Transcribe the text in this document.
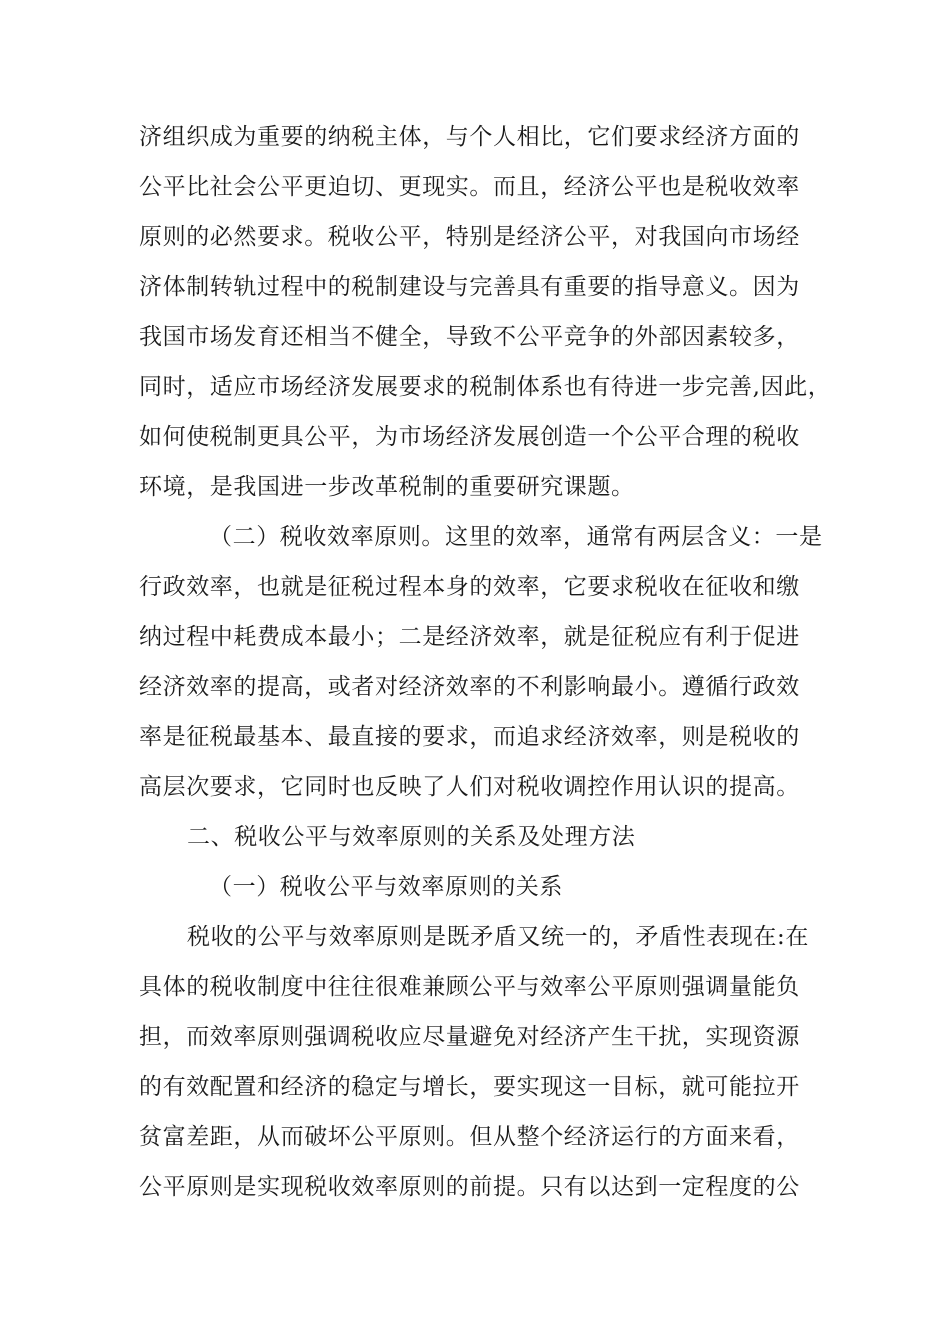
济组织成为重要的纳税主体，与个人相比，它们要求经济方面的
公平比社会公平更迫切、更现实。而且，经济公平也是税收效率
原则的必然要求。税收公平，特别是经济公平，对我国向市场经
济体制转轨过程中的税制建设与完善具有重要的指导意义。因为
我国市场发育还相当不健全，导致不公平竞争的外部因素较多，
同时，适应市场经济发展要求的税制体系也有待进一步完善,因此，
如何使税制更具公平，为市场经济发展创造一个公平合理的税收
环境，是我国进一步改革税制的重要研究课题。
（二）税收效率原则。这里的效率，通常有两层含义：一是
行政效率，也就是征税过程本身的效率，它要求税收在征收和缴
纳过程中耗费成本最小；二是经济效率，就是征税应有利于促进
经济效率的提高，或者对经济效率的不利影响最小。遵循行政效
率是征税最基本、最直接的要求，而追求经济效率，则是税收的
高层次要求，它同时也反映了人们对税收调控作用认识的提高。
二、税收公平与效率原则的关系及处理方法
（一）税收公平与效率原则的关系
税收的公平与效率原则是既矛盾又统一的，矛盾性表现在:在
具体的税收制度中往往很难兼顾公平与效率公平原则强调量能负
担，而效率原则强调税收应尽量避免对经济产生干扰，实现资源
的有效配置和经济的稳定与增长，要实现这一目标，就可能拉开
贫富差距，从而破坏公平原则。但从整个经济运行的方面来看，
公平原则是实现税收效率原则的前提。只有以达到一定程度的公
